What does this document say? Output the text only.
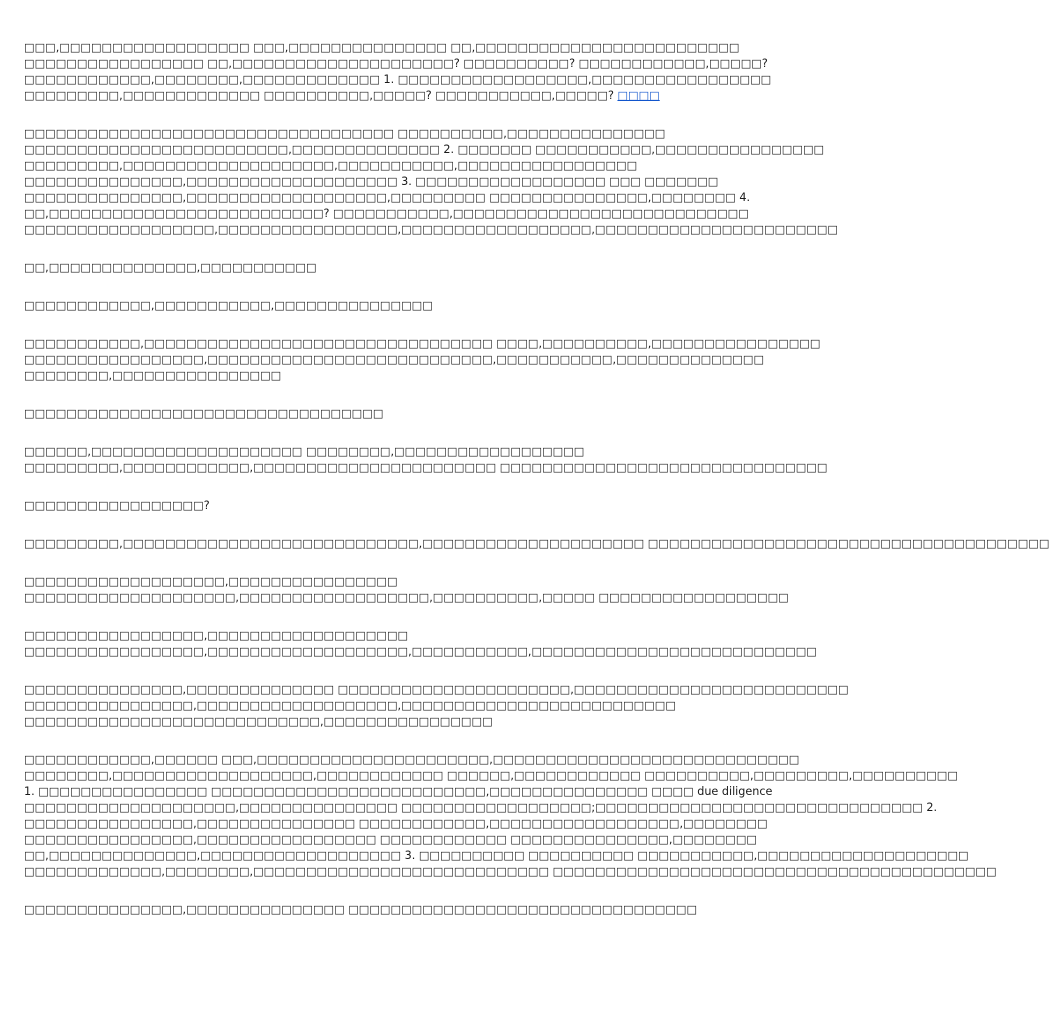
□□□,□□□□□□□□□□□□□□□□□□ □□□,□□□□□□□□□□□□□□□ □□,□□□□□□□□□□□□□□□□□□□□□□□□□
□□□□□□□□□□□□□□□□□ □□,□□□□□□□□□□□□□□□□□□□□□? □□□□□□□□□□? □□□□□□□□□□□□,□□□□□?
□□□□□□□□□□□□,□□□□□□□□,□□□□□□□□□□□□□ 1. □□□□□□□□□□□□□□□□□□,□□□□□□□□□□□□□□□□□
□□□□□□□□□,□□□□□□□□□□□□□ □□□□□□□□□□,□□□□□? □□□□□□□□□□□,□□□□□? □□□□
□□□□□□□□□□□□□□□□□□□□□□□□□□□□□□□□□□□ □□□□□□□□□□,□□□□□□□□□□□□□□□
□□□□□□□□□□□□□□□□□□□□□□□□□,□□□□□□□□□□□□□□ 2. □□□□□□□ □□□□□□□□□□□,□□□□□□□□□□□□□□□□
□□□□□□□□□,□□□□□□□□□□□□□□□□□□□□,□□□□□□□□□□□,□□□□□□□□□□□□□□□□□
□□□□□□□□□□□□□□□,□□□□□□□□□□□□□□□□□□□□ 3. □□□□□□□□□□□□□□□□□□ □□□ □□□□□□□
□□□□□□□□□□□□□□□,□□□□□□□□□□□□□□□□□□□,□□□□□□□□□ □□□□□□□□□□□□□□□,□□□□□□□□ 4.
□□,□□□□□□□□□□□□□□□□□□□□□□□□□□? □□□□□□□□□□□,□□□□□□□□□□□□□□□□□□□□□□□□□□□□
□□□□□□□□□□□□□□□□□□,□□□□□□□□□□□□□□□□□,□□□□□□□□□□□□□□□□□□,□□□□□□□□□□□□□□□□□□□□□□□
□□,□□□□□□□□□□□□□□,□□□□□□□□□□□
□□□□□□□□□□□□,□□□□□□□□□□□,□□□□□□□□□□□□□□□
□□□□□□□□□□□,□□□□□□□□□□□□□□□□□□□□□□□□□□□□□□□□□ □□□□,□□□□□□□□□□,□□□□□□□□□□□□□□□□
□□□□□□□□□□□□□□□□□,□□□□□□□□□□□□□□□□□□□□□□□□□□□,□□□□□□□□□□□,□□□□□□□□□□□□□□
□□□□□□□□,□□□□□□□□□□□□□□□□
□□□□□□□□□□□□□□□□□□□□□□□□□□□□□□□□□□
□□□□□□,□□□□□□□□□□□□□□□□□□□□ □□□□□□□□,□□□□□□□□□□□□□□□□□□
□□□□□□□□□,□□□□□□□□□□□□,□□□□□□□□□□□□□□□□□□□□□□□ □□□□□□□□□□□□□□□□□□□□□□□□□□□□□□□
□□□□□□□□□□□□□□□□□?
□□□□□□□□□,□□□□□□□□□□□□□□□□□□□□□□□□□□□□,□□□□□□□□□□□□□□□□□□□□□ □□□□□□□□□□□□□□□□□□□□□□□□□□□□□□□□□□□□□□
□□□□□□□□□□□□□□□□□□□,□□□□□□□□□□□□□□□□
□□□□□□□□□□□□□□□□□□□□,□□□□□□□□□□□□□□□□□□,□□□□□□□□□□,□□□□□ □□□□□□□□□□□□□□□□□□
□□□□□□□□□□□□□□□□□,□□□□□□□□□□□□□□□□□□□
□□□□□□□□□□□□□□□□□,□□□□□□□□□□□□□□□□□□□,□□□□□□□□□□□,□□□□□□□□□□□□□□□□□□□□□□□□□□□
□□□□□□□□□□□□□□□,□□□□□□□□□□□□□□ □□□□□□□□□□□□□□□□□□□□□□,□□□□□□□□□□□□□□□□□□□□□□□□□□
□□□□□□□□□□□□□□□□,□□□□□□□□□□□□□□□□□□□,□□□□□□□□□□□□□□□□□□□□□□□□□□
□□□□□□□□□□□□□□□□□□□□□□□□□□□□,□□□□□□□□□□□□□□□□
□□□□□□□□□□□□,□□□□□□ □□□,□□□□□□□□□□□□□□□□□□□□□□,□□□□□□□□□□□□□□□□□□□□□□□□□□□□□
□□□□□□□□,□□□□□□□□□□□□□□□□□□□,□□□□□□□□□□□□ □□□□□□,□□□□□□□□□□□□ □□□□□□□□□□,□□□□□□□□□,□□□□□□□□□□
1. □□□□□□□□□□□□□□□□ □□□□□□□□□□□□□□□□□□□□□□□□□□,□□□□□□□□□□□□□□□ □□□□ due diligence
□□□□□□□□□□□□□□□□□□□□,□□□□□□□□□□□□□□□ □□□□□□□□□□□□□□□□□□;□□□□□□□□□□□□□□□□□□□□□□□□□□□□□□□ 2.
□□□□□□□□□□□□□□□□,□□□□□□□□□□□□□□□ □□□□□□□□□□□□,□□□□□□□□□□□□□□□□□□,□□□□□□□□
□□□□□□□□□□□□□□□□,□□□□□□□□□□□□□□□□□ □□□□□□□□□□□□ □□□□□□□□□□□□□□□,□□□□□□□□
□□,□□□□□□□□□□□□□□,□□□□□□□□□□□□□□□□□□□ 3. □□□□□□□□□□ □□□□□□□□□□ □□□□□□□□□□□,□□□□□□□□□□□□□□□□□□□□
□□□□□□□□□□□□□,□□□□□□□□,□□□□□□□□□□□□□□□□□□□□□□□□□□□□ □□□□□□□□□□□□□□□□□□□□□□□□□□□□□□□□□□□□□□□□□□
□□□□□□□□□□□□□□□,□□□□□□□□□□□□□□□ □□□□□□□□□□□□□□□□□□□□□□□□□□□□□□□□□
